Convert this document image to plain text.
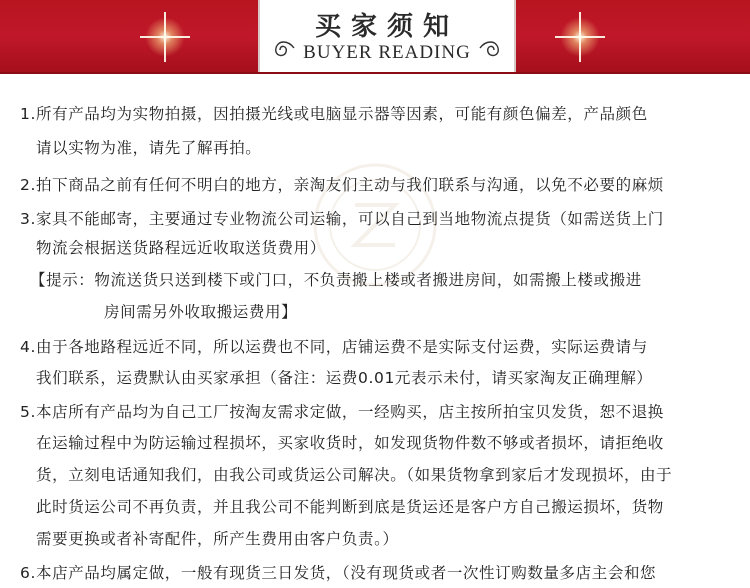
买家须知
BUYER READING
1.所有产品均为实物拍摄，因拍摄光线或电脑显示器等因素，可能有颜色偏差，产品颜色
请以实物为准，请先了解再拍。
2.拍下商品之前有任何不明白的地方，亲淘友们主动与我们联系与沟通，以免不必要的麻烦
3.家具不能邮寄，主要通过专业物流公司运输，可以自己到当地物流点提货（如需送货上门
物流会根据送货路程远近收取送货费用）
【提示：物流送货只送到楼下或门口，不负责搬上楼或者搬进房间，如需搬上楼或搬进
房间需另外收取搬运费用】
4.由于各地路程远近不同，所以运费也不同，店铺运费不是实际支付运费，实际运费请与
我们联系，运费默认由买家承担（备注：运费0.01元表示未付，请买家淘友正确理解）
5.本店所有产品均为自己工厂按淘友需求定做，一经购买，店主按所拍宝贝发货，恕不退换
在运输过程中为防运输过程损坏，买家收货时，如发现货物件数不够或者损坏，请拒绝收
货，立刻电话通知我们，由我公司或货运公司解决。（如果货物拿到家后才发现损坏，由于
此时货运公司不再负责，并且我公司不能判断到底是货运还是客户方自己搬运损坏，货物
需要更换或者补寄配件，所产生费用由客户负责。）
6.本店产品均属定做，一般有现货三日发货，（没有现货或者一次性订购数量多店主会和您
